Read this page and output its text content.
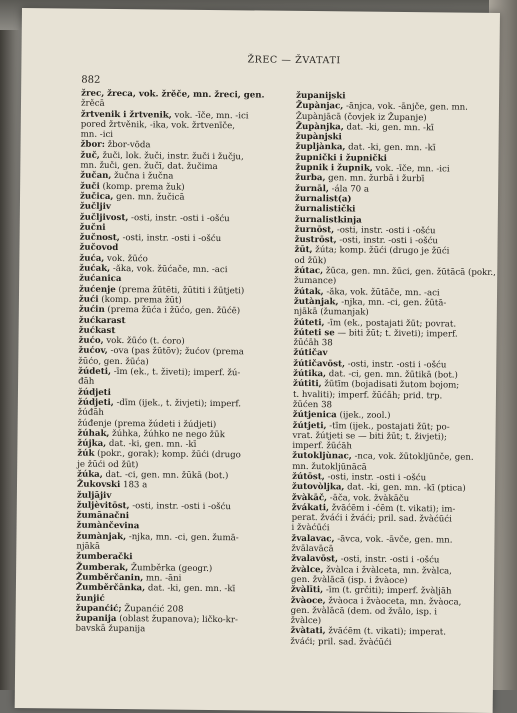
ŽREC — ŽVATATI
882
žrec, žreca, vok. žrěče, mn. žreci, gen.
žrěcā
žrtvenik i žrtvenik, vok. -īče, mn. -ici
pored žrtvěnik, -ika, vok. žrtvenīče,
mn. -ici
žbor: žbor-vōda
žuč, žuči, lok. žuči, instr. žuči i žučju,
mn. žuči, gen. žučī, dat. žučima
žučan, žučna i žučna
žuči (komp. prema žuk)
žučica, gen. mn. žučicā
žučljiv
žučljivost, -osti, instr. -osti i -ošću
žučni
žučnost, -osti, instr. -osti i -ošću
žučovod
žuća, vok. žūćo
žućak, -ăka, vok. žūćače, mn. -aci
žućanica
žućenje (prema žūtēti, žūtiti i žūtjeti)
žući (komp. prema žūt)
žućin (prema žūća i žūćo, gen. žūćē)
žućkarast
žućkast
žućo, vok. žūćo (t. ćoro)
žućov, -ova (pas žūtōv); žućov (prema
žūćo, gen. žūća)
žúdeti, -īm (ek., t. živeti); imperf. žú-
đāh
žúdjeti
žúdjeti, -dīm (ijek., t. živjeti); imperf.
žúđāh
žúđenje (prema žúdeti i žúdjeti)
žúhak, žúhka, žúhko ne nego žūk
žújka, dat. -ki, gen. mn. -kī
žúk (pokr., gorak); komp. žūći (drugo
je žūći od žūt)
žúka, dat. -ci, gen. mn. žūkā (bot.)
Žukovski 183 a
žuljājiv
žuljèvitōst, -osti, instr. -osti i -ošću
žumānačni
žumànčevina
žumànjak, -njka, mn. -ci, gen. žumā-
njākā
žumberački
Žumberak, Žumběrka (geogr.)
Žumběrčanin, mn. -āni
Žumběrčānka, dat. -ki, gen. mn. -kī
žunjić
županćić; Županćić 208
županija (oblast županova); ličko-kr-
bavskā županija
županijski
Župànjac, -ānjca, vok. -ānjče, gen. mn.
Župànjācā (čovjek iz Županje)
Župànjka, dat. -ki, gen. mn. -kī
župànjski
župljànka, dat. -ki, gen. mn. -kī
župnički i župnički
župnik i župnik, vok. -īče, mn. -ici
žurba, gen. mn. žurbā i žurbī
žurnāl, -ála 70 a
žurnalist(a)
žurnalistički
žurnalistkinja
žurnōst, -osti, instr. -osti i -ošću
žustrōst, -osti, instr. -osti i -ošću
žūt, žúta; komp. žūći (drugo je žūći
od žūk)
žútac, žūca, gen. mn. žūci, gen. žūtācā (pokr.,
žumance)
žútak, -ăka, vok. žūtāče, mn. -aci
žutànjak, -njka, mn. -ci, gen. žūtā-
njākā (žumanjak)
žúteti, -īm (ek., postajati žūt; povrat.
žúteti se — biti žūt; t. živeti); imperf.
žūćāh 38
žútičav
žútičavōst, -osti, instr. -osti i -ošću
žútika, dat. -ci, gen. mn. žūtikā (bot.)
žútiti, žūtīm (bojadisati žutom bojom;
t. hvaliti); imperf. žūćāh; prid. trp.
žūćen 38
žútjenica (ijek., zool.)
žútjeti, -tīm (ijek., postajati žūt; po-
vrat. žútjeti se — biti žūt; t. živjeti);
imperf. žūćāh
žutokljùnac, -nca, vok. žūtokljūnče, gen.
mn. žutokljūnācā
žútōst, -osti, instr. -osti i -ošću
žutovòljka, dat. -ki, gen. mn. -kī (ptica)
žvàkāč, -āča, vok. žvàkāču
žvákati, žvāćēm i -ćēm (t. vikati); im-
perat. žváći i žváći; pril. sad. žvàćūći
i žvàćūći
žvalavac, -āvca, vok. -āvče, gen. mn.
žvālavācā
žvalavōst, -osti, instr. -osti i -ošću
žvàlce, žvàlca i žvàlceta, mn. žvàlca,
gen. žvàlācā (isp. i žvàoce)
žvàlīti, -īm (t. grčiti); imperf. žvàljāh
žvàoce, žvàoca i žvàoceta, mn. žvàoca,
gen. žvàlācā (dem. od žvālo, isp. i
žvàlce)
žvàtati, žvāćēm (t. vikati); imperat.
žváći; pril. sad. žvàćūći
